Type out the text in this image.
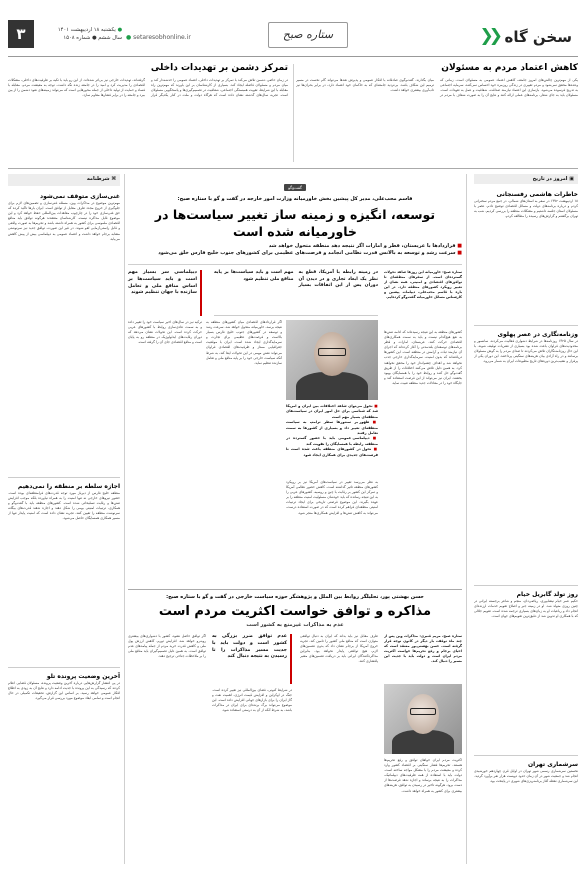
سخن گاه
❮❮
ستاره صبح
● setaresobhonline.ir
● یکشنبه ۱۸ اردیبهشت ۱۴۰۱
سال ششم ● شماره ۱۵۰۸
۳
کاهش اعتماد مردم به مسئولان
یکی از مهم‌ترین چالش‌های امروز جامعه، کاهش اعتماد عمومی به مسئولان است. زمانی که وعده‌ها محقق نمی‌شود و مردم تغییری در زندگی روزمره خود احساس نمی‌کنند، سرمایه اجتماعی به تدریج فرسوده می‌شود. بازسازی این اعتماد نیازمند صداقت، شفافیت و عمل به تعهدات است. مسئولان باید به جای شعار، برنامه‌های عملی ارائه کنند و نتایج آن را به صورت شفاف با مردم در میان بگذارند. گفت‌وگوی صادقانه با افکار عمومی و پذیرش نقدها می‌تواند گام نخست در مسیر ترمیم این شکاف باشد. بی‌تردید جامعه‌ای که به حاکمان خود اعتماد دارد، در برابر بحران‌ها نیز تاب‌آوری بیشتری خواهد داشت.
تمرکز دشمن بر تهدیدات داخلی
در زمان حاضر، دشمن تلاش می‌کند با تمرکز بر تهدیدات داخلی، اعتماد عمومی را خدشه‌دار کند و میان مردم و مسئولان فاصله ایجاد کند. بسیاری از کارشناسان بر این باورند که مهم‌ترین راه مقابله با این شرایط، تقویت همبستگی اجتماعی، شفافیت در تصمیم‌گیری‌ها و پاسخگویی مسئولان است. تجربه سال‌های گذشته نشان داده است که هرگاه دولت و ملت در کنار یکدیگر قرار گرفته‌اند، تهدیدات خارجی نیز بی‌اثر شده‌اند. از این رو باید با تکیه بر ظرفیت‌های داخلی، مشکلات اقتصادی را مدیریت کرد و امید را در جامعه زنده نگه داشت. توجه به معیشت مردم، مقابله با فساد و حمایت از تولید داخلی از جمله محورهایی است که می‌تواند زمینه‌های نفوذ دشمن را از بین ببرد و جامعه را در برابر فشارها مقاوم سازد.
▣ امروز در تاریخ
خاطرات هاشمی رفسنجانی
۱۸ اردیبهشت ۱۳۷۲ در سفر به استان‌های شمالی، در جمع مردم سخنرانی کردم و درباره برنامه‌های دولت و مسائل اقتصادی توضیح دادم. عصر با مسئولان استان جلسه داشتیم و مشکلات منطقه را بررسی کردیم. شب به تهران برگشتم و گزارش‌های رسیده را مطالعه کردم.
وزنامه‌نگاری در عصر پهلوی
در سال ۱۳۲۵ روزنامه‌ها در شرایط دشواری فعالیت می‌کردند. سانسور و محدودیت‌های فراوان باعث شده بود بسیاری از نشریات توقیف شوند. با این حال روزنامه‌نگاران تلاش می‌کردند تا صدای مردم را به گوش مسئولان برسانند و در راه آزادی بیان هزینه‌های سنگینی پرداختند. این دوران یکی از پرفراز و نشیب‌ترین دوره‌های تاریخ مطبوعات ایران به شمار می‌رود.
روز تولد گابریل خیام
حکیم عمر خیام نیشابوری، ریاضی‌دان، منجم و شاعر برجسته ایرانی در چنین روزی متولد شد. او در زمینه جبر و اصلاح تقویم خدمات ارزنده‌ای انجام داد و رباعیات او به زبان‌های بسیاری ترجمه شده است. تقویم جلالی که با همکاری او تدوین شد از دقیق‌ترین تقویم‌های جهان است.
سرشماری تهران
نخستین سرشماری رسمی شهر تهران در اوایل قرن چهاردهم خورشیدی انجام شد و جمعیت شهر در آن زمان حدود دویست هزار نفر برآورد گردید. این سرشماری نقطه آغاز برنامه‌ریزی‌های شهری در پایتخت بود.
⌘ شرطنامه
غنی‌سازی متوقف نمی‌شود
مهم‌ترین موضوع در مذاکرات وین، مسئله غنی‌سازی و تضمین‌های لازم برای جلوگیری از خروج مجدد طرف مقابل از توافق است. ایران بارها تاکید کرده که حق غنی‌سازی خود را در چارچوب معاهدات بین‌المللی حفظ خواهد کرد و این موضوع قابل مذاکره نیست. کارشناسان معتقدند هرگونه توافق باید منافع اقتصادی ملموسی برای کشور به همراه داشته باشد و تحریم‌ها به صورت واقعی و قابل راستی‌آزمایی لغو شوند. در غیر این صورت، توافق جدید نیز سرنوشتی مشابه برجام خواهد داشت و اعتماد عمومی به دیپلماسی بیش از پیش کاهش می‌یابد.
اجازه سلطه بر منطقه را نمی‌دهیم
منطقه خلیج فارس از دیرباز مورد توجه قدرت‌های فرامنطقه‌ای بوده است. حضور نیروهای خارجی نه تنها امنیت را به همراه نیاورده بلکه موجب افزایش تنش‌ها و رقابت تسلیحاتی شده است. کشورهای منطقه باید با گفت‌وگو و همکاری، ترتیبات امنیتی بومی را شکل دهند و اجازه ندهند قدرت‌های بیگانه سرنوشت منطقه را تعیین کنند. تجربه نشان داده است که امنیت پایدار تنها از مسیر همکاری همسایگان حاصل می‌شود.
آخرین وضعیت پرونده تلو
در پی انتشار گزارش‌هایی درباره آخرین وضعیت پرونده، مسئولان قضایی اعلام کردند که رسیدگی به این پرونده با جدیت ادامه دارد و نتایج آن به زودی به اطلاع افکار عمومی خواهد رسید. بر اساس این گزارش، تحقیقات تکمیلی در حال انجام است و تمامی ابعاد موضوع مورد بررسی قرار می‌گیرد.
گفت‌وگو
قاسم محب‌علی، مدیر کل پیشین بخش خاورمیانه وزارت امور خارجه در گفت و گو با ستاره صبح:
توسعه، انگیزه و زمینه ساز تغییر سیاست‌ها در خاورمیانه شده است
■ قراردادها با عربستان، قطر و امارات اگر نتیجه دهد منطقه متحول خواهد شد
■ سرعت رشد و توسعه به بالانس قدرت نظامی انجامد و فرصت‌های عظیمی برای کشورهای جنوب خلیج فارس خلق می‌شود
ستاره صبح: خاورمیانه این روزها شاهد تحولات گسترده‌ای است. از سفرهای منطقه‌ای تا توافق‌های اقتصادی و امنیتی، همه نشان از تغییر رویکرد کشورهای منطقه دارد. در این باره با قاسم محب‌علی، دیپلمات پیشین و کارشناس مسائل خاورمیانه گفت‌وگو کرده‌ایم.
کشورهای منطقه به این نتیجه رسیده‌اند که ادامه تنش‌ها به نفع هیچ‌کدام نیست و باید به سمت همکاری‌های اقتصادی حرکت کنند. عربستان، امارات و قطر برنامه‌های توسعه‌ای بلندمدتی را آغاز کرده‌اند که اجرای آن نیازمند ثبات و آرامش در منطقه است. این کشورها دریافته‌اند که بدون امنیت، سرمایه‌گذاری خارجی جذب نخواهد شد و اهداف چشم‌انداز خود را محقق نخواهند کرد. به همین دلیل تلاش می‌کنند اختلافات را از طریق گفت‌وگو حل کنند و روابط خود را با همسایگان بهبود بخشند. ایران نیز می‌تواند از این فرصت استفاده کند و جایگاه خود را در معادلات جدید منطقه تثبیت نماید.
در زمینه رابطه با آمریکا، قطع به نظر یک ابعاد تجاری و در دیدن آن دوران پس از این اتفاقات بسیار مهم است و باید سیاست‌ها بر پایه منافع ملی تنظیم شود
■ تحول می‌توان شاهد اختلافات بین ایران و آمریکا شد که شناسی برای حل امور ایران در سیاست‌های منطقه‌ای بسیار مهم است
■ ظهور بر سنتورها سطر ترامپ به سیاست منطقه‌ای تغییر داد و بسیاری از کشورها به سمت تعامل رفتند
■ دیپلماسی عمومی باید با حضور گسترده در منطقه، رابطه با همسایگان را تقویت کند
■ تحول در کشورهای منطقه باعث شده است تا فرصت‌های جدیدی برای همکاری ایجاد شود
به نظر می‌رسد تغییر در سیاست‌های آمریکا نیز بر رویکرد کشورهای منطقه تاثیر گذاشته است. کاهش حضور نظامی آمریکا و تمرکز این کشور بر رقابت با چین و روسیه، کشورهای عربی را به این نتیجه رسانده که باید خودشان مسئولیت امنیت منطقه را بر عهده بگیرند. این موضوع فرصتی تاریخی برای ایجاد ترتیبات امنیتی منطقه‌ای فراهم کرده است که در صورت استفاده درست، می‌تواند به کاهش تنش‌ها و افزایش همکاری‌ها منجر شود.
اگر قراردادهای اقتصادی میان کشورهای منطقه به نتیجه برسد، خاورمیانه متحول خواهد شد. سرعت رشد و توسعه در کشورهای جنوب خلیج فارس بسیار بالاست و فرصت‌های عظیمی برای تجارت و سرمایه‌گذاری ایجاد شده است. ایران با موقعیت جغرافیایی ممتاز و ظرفیت‌های اقتصادی فراوان می‌تواند نقش مهمی در این تحولات ایفا کند، به شرط آنکه سیاست خارجی خود را بر پایه منافع ملی و تعامل سازنده تنظیم نماید.
دیپلماسی سر بسیار مهم است و باید سیاست‌ها بر اساس منافع ملی و تعامل سازنده با جهان تنظیم شوند
ترکیه نیز در سال‌های اخیر سیاست خود را تغییر داده و به سمت عادی‌سازی روابط با کشورهای عربی حرکت کرده است. این تحولات نشان می‌دهد که دوران رقابت‌های ایدئولوژیک در منطقه رو به پایان است و منافع اقتصادی جای آن را گرفته است.
حسن بهشتی پور، تحلیلگر روابط بین الملل و پژوهشگر حوزه سیاست خارجی در گفت و گو با ستاره صبح:
مذاکره و توافق خواست اکثریت مردم است
عدم به مذاکرات غیرمنع به کشور است
ستاره صبح، مریم قنبری: مذاکرات وین پس از چند ماه توقف، بار دیگر در کانون توجه قرار گرفته است. حسن بهشتی‌پور معتقد است که احیای برجام و رفع تحریم‌ها خواست اکثریت مردم ایران است و دولت باید با جدیت این مسیر را دنبال کند.
اکثریت مردم ایران خواهان توافق و رفع تحریم‌ها هستند. تحریم‌ها فشار سنگینی بر اقتصاد کشور وارد کرده و معیشت مردم را با مشکل مواجه ساخته است. دولت باید با استفاده از همه ظرفیت‌های دیپلماتیک، مذاکرات را به نتیجه برساند و اجازه ندهد فرصت‌ها از دست برود. هرگونه تاخیر در رسیدن به توافق، هزینه‌های بیشتری برای کشور به همراه خواهد داشت.
طرف مقابل نیز باید بداند که ایران به دنبال توافقی متوازن است که منافع ملی کشور را تامین کند. تجربه خروج آمریکا از برجام نشان داد که بدون تضمین‌های لازم، هیچ توافقی پایدار نخواهد بود. بنابراین مذاکره‌کنندگان ایرانی باید بر دریافت تضمین‌های معتبر پافشاری کنند.
عدم توافق ضرر بزرگی به کشور است و دولت باید با جدیت مسیر مذاکرات را تا رسیدن به نتیجه دنبال کند
در شرایط کنونی، فضای بین‌المللی نیز تغییر کرده است. جنگ در اوکراین و افزایش قیمت انرژی، اهمیت نفت و گاز ایران را برای بازارهای جهانی افزایش داده است. این موضوع می‌تواند برگ برنده‌ای برای ایران در مذاکرات باشد، به شرط آنکه از آن به درستی استفاده شود.
اگر توافق حاصل نشود، کشور با دشواری‌های بیشتری روبه‌رو خواهد شد. افزایش تورم، کاهش ارزش پول ملی و کاهش قدرت خرید مردم از جمله پیامدهای عدم توافق است. به همین دلیل تصمیم‌گیران باید منافع ملی را بر ملاحظات جناحی ترجیح دهند.
